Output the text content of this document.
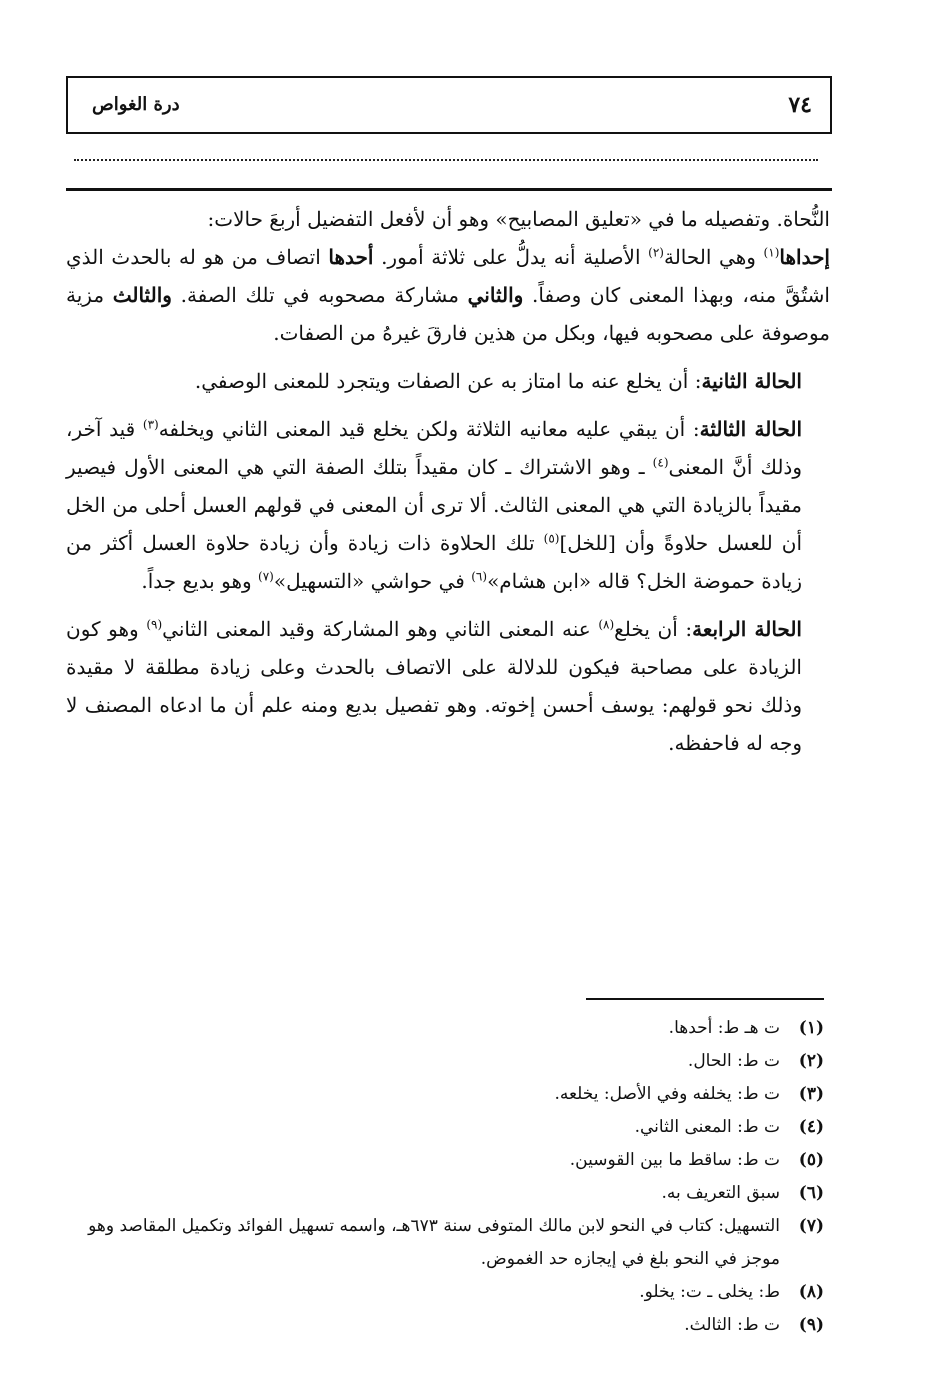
٧٤
درة الغواص

النُّحاة. وتفصيله ما في «تعليق المصابيح» وهو أن لأفعل التفضيل أربعَ حالات:

إحداها$^{(١)}$ وهي الحالة$^{(٢)}$ الأصلية أنه يدلُّ على ثلاثة أمور. أحدها اتصاف من هو له بالحدث الذي اشتُقَّ منه، وبهذا المعنى كان وصفاً. والثاني مشاركة مصحوبه في تلك الصفة. والثالث مزية موصوفة على مصحوبه فيها، وبكل من هذين فارقَ غيرهُ من الصفات.

الحالة الثانية: أن يخلع عنه ما امتاز به عن الصفات ويتجرد للمعنى الوصفي.

الحالة الثالثة: أن يبقي عليه معانيه الثلاثة ولكن يخلع قيد المعنى الثاني ويخلفه$^{(٣)}$ قيد آخر، وذلك أنَّ المعنى$^{(٤)}$ ـ وهو الاشتراك ـ كان مقيداً بتلك الصفة التي هي المعنى الأول فيصير مقيداً بالزيادة التي هي المعنى الثالث. ألا ترى أن المعنى في قولهم العسل أحلى من الخل أن للعسل حلاوةً وأن [للخل]$^{(٥)}$ تلك الحلاوة ذات زيادة وأن زيادة حلاوة العسل أكثر من زيادة حموضة الخل؟ قاله «ابن هشام»$^{(٦)}$ في حواشي «التسهيل»$^{(٧)}$ وهو بديع جداً.

الحالة الرابعة: أن يخلع$^{(٨)}$ عنه المعنى الثاني وهو المشاركة وقيد المعنى الثاني$^{(٩)}$ وهو كون الزيادة على مصاحبة فيكون للدلالة على الاتصاف بالحدث وعلى زيادة مطلقة لا مقيدة وذلك نحو قولهم: يوسف أحسن إخوته. وهو تفصيل بديع ومنه علم أن ما ادعاه المصنف لا وجه له فاحفظه.

(١)
ت هـ ط: أحدها.
(٢)
ت ط: الحال.
(٣)
ت ط: يخلفه وفي الأصل: يخلعه.
(٤)
ت ط: المعنى الثاني.
(٥)
ت ط: ساقط ما بين القوسين.
(٦)
سبق التعريف به.
(٧)
التسهيل: كتاب في النحو لابن مالك المتوفى سنة ٦٧٣هـ، واسمه تسهيل الفوائد وتكميل المقاصد وهو موجز في النحو بلغ في إيجازه حد الغموض.
(٨)
ط: يخلى ـ ت: يخلو.
(٩)
ت ط: الثالث.
